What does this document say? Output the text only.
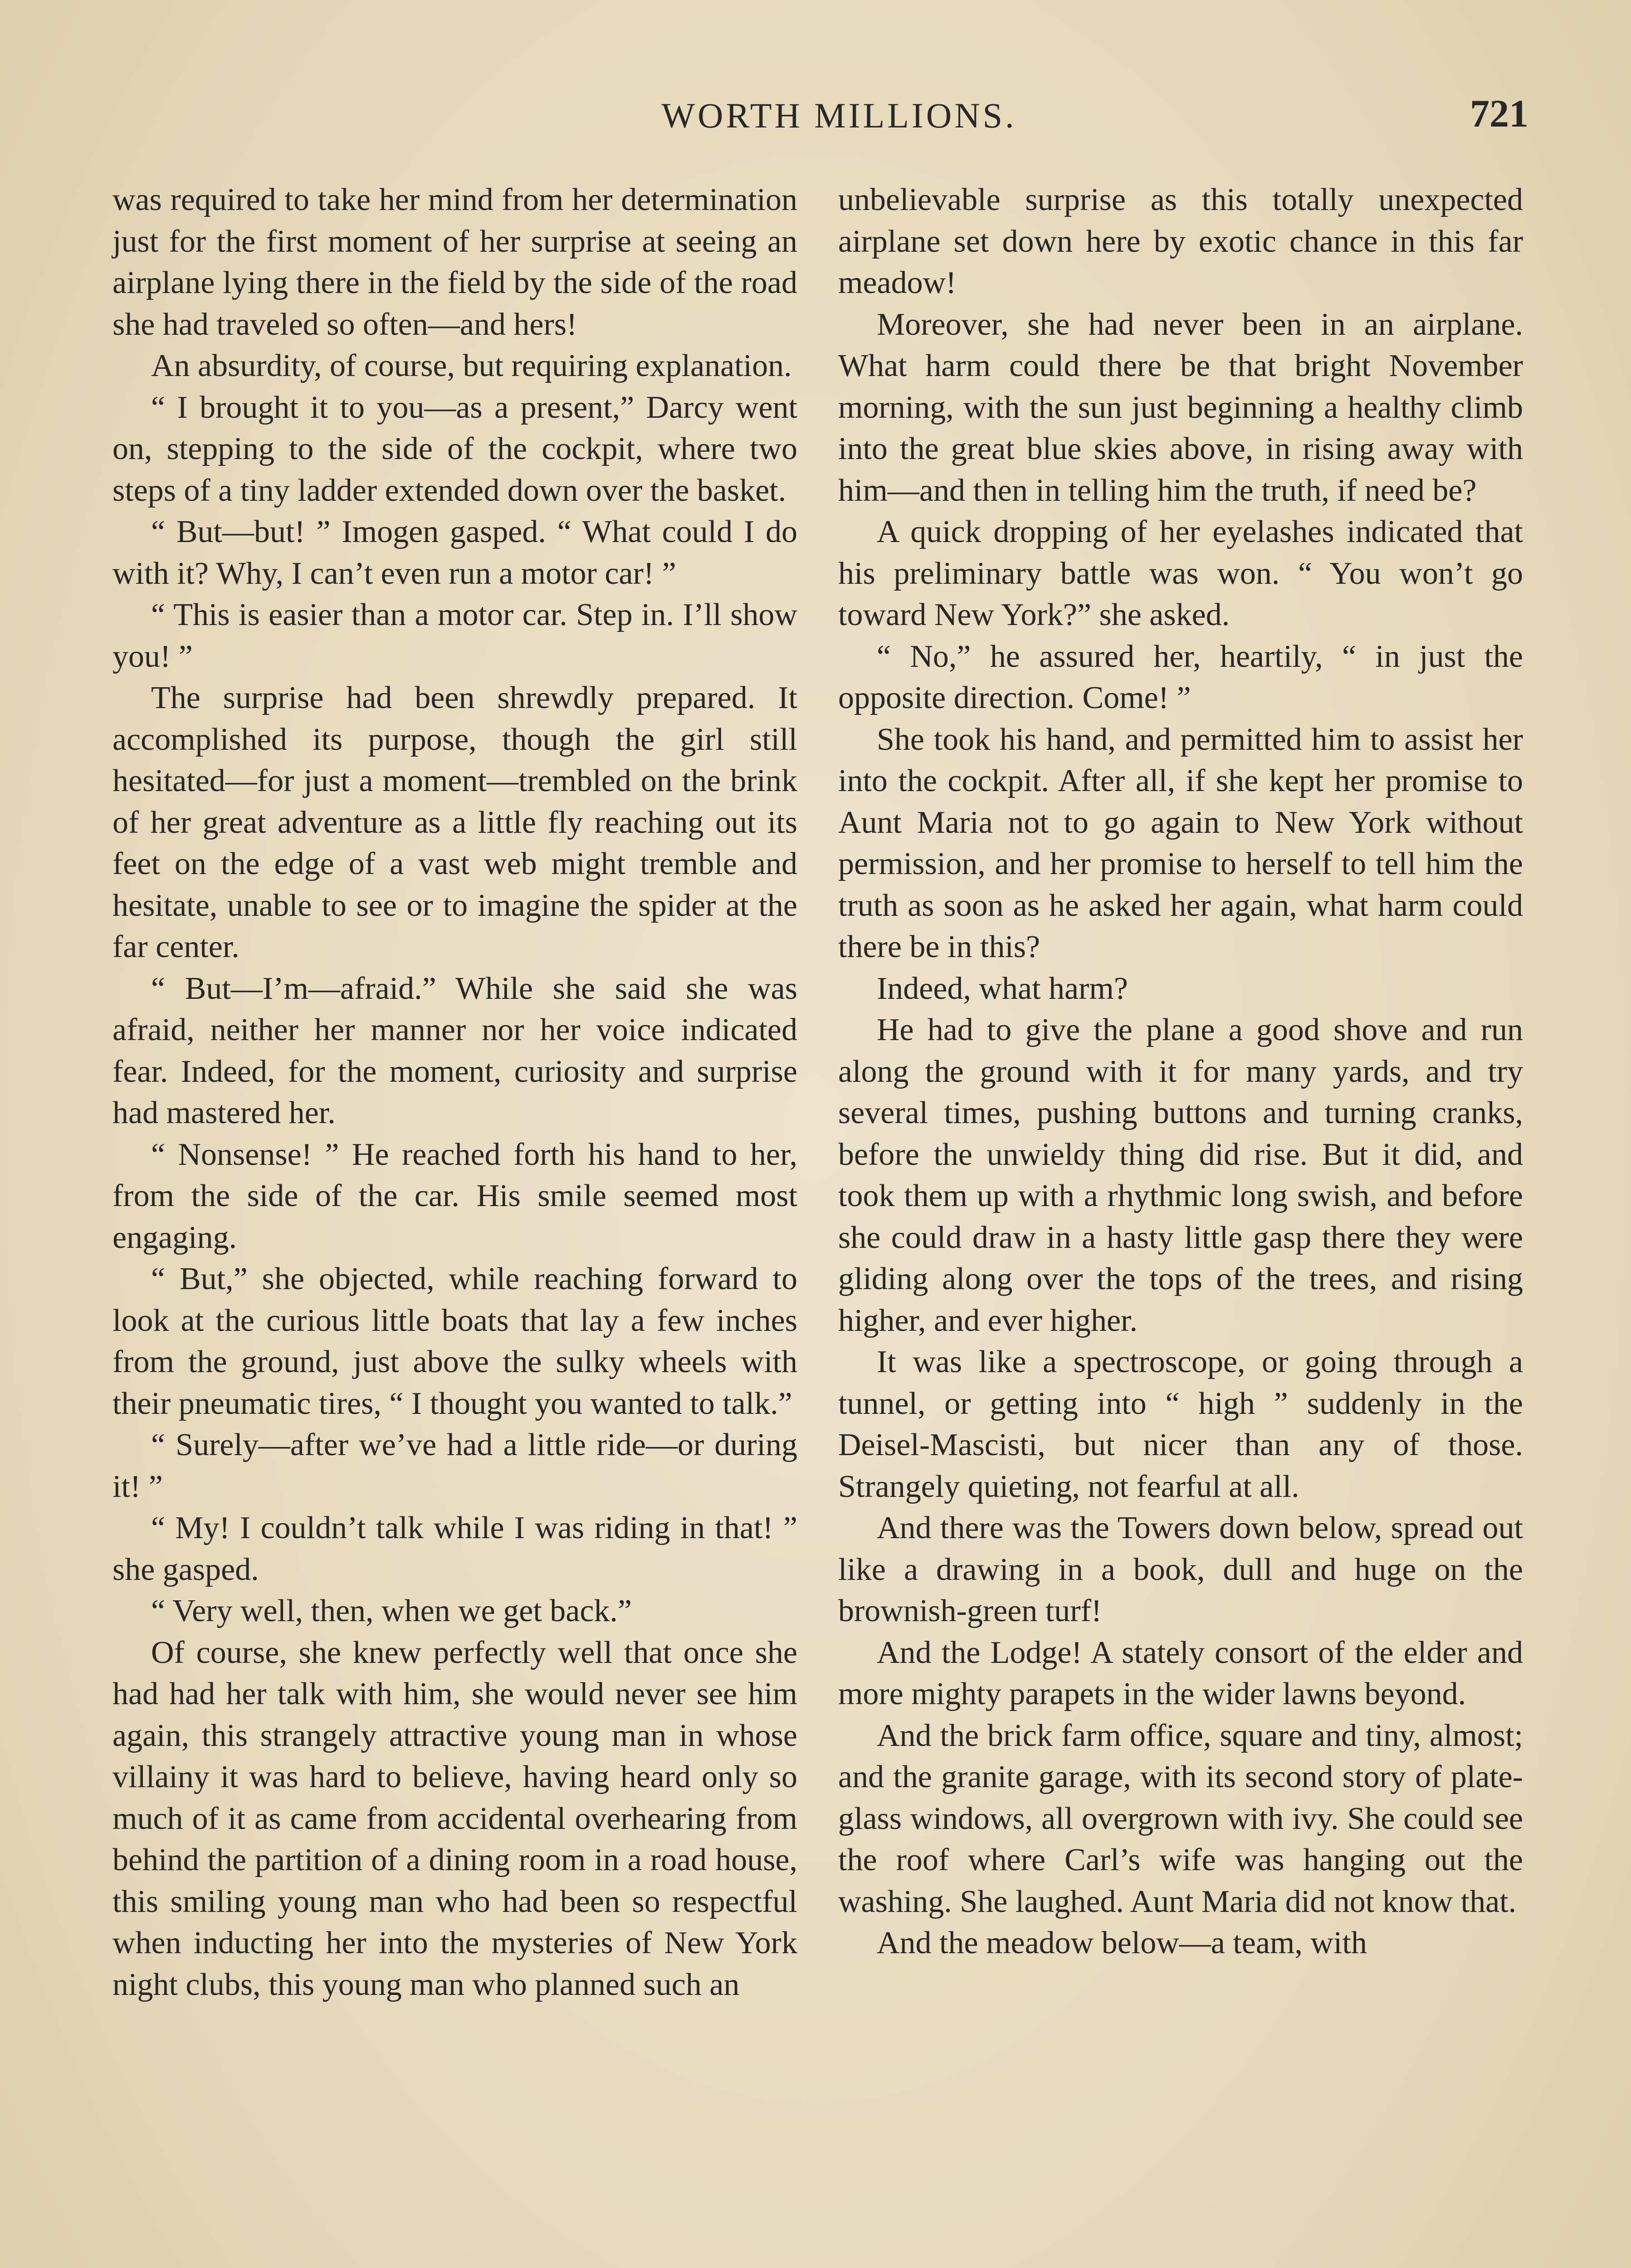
WORTH MILLIONS.	721

was required to take her mind from her determination just for the first moment of her surprise at seeing an airplane lying there in the field by the side of the road she had traveled so often—and hers!

An absurdity, of course, but requiring explanation.

“ I brought it to you—as a present,” Darcy went on, stepping to the side of the cockpit, where two steps of a tiny ladder extended down over the basket.

“ But—but! ” Imogen gasped. “ What could I do with it? Why, I can’t even run a motor car! ”

“ This is easier than a motor car. Step in. I’ll show you! ”

The surprise had been shrewdly prepared. It accomplished its purpose, though the girl still hesitated—for just a moment—trembled on the brink of her great adventure as a little fly reaching out its feet on the edge of a vast web might tremble and hesitate, unable to see or to imagine the spider at the far center.

“ But—I’m—afraid.” While she said she was afraid, neither her manner nor her voice indicated fear. Indeed, for the moment, curiosity and surprise had mastered her.

“ Nonsense! ” He reached forth his hand to her, from the side of the car. His smile seemed most engaging.

“ But,” she objected, while reaching forward to look at the curious little boats that lay a few inches from the ground, just above the sulky wheels with their pneumatic tires, “ I thought you wanted to talk.”

“ Surely—after we’ve had a little ride—or during it! ”

“ My! I couldn’t talk while I was riding in that! ” she gasped.

“ Very well, then, when we get back.”

Of course, she knew perfectly well that once she had had her talk with him, she would never see him again, this strangely attractive young man in whose villainy it was hard to believe, having heard only so much of it as came from accidental overhearing from behind the partition of a dining room in a road house, this smiling young man who had been so respectful when inducting her into the mysteries of New York night clubs, this young man who planned such an

unbelievable surprise as this totally unexpected airplane set down here by exotic chance in this far meadow!

Moreover, she had never been in an airplane. What harm could there be that bright November morning, with the sun just beginning a healthy climb into the great blue skies above, in rising away with him—and then in telling him the truth, if need be?

A quick dropping of her eyelashes indicated that his preliminary battle was won. “ You won’t go toward New York?” she asked.

“ No,” he assured her, heartily, “ in just the opposite direction. Come! ”

She took his hand, and permitted him to assist her into the cockpit. After all, if she kept her promise to Aunt Maria not to go again to New York without permission, and her promise to herself to tell him the truth as soon as he asked her again, what harm could there be in this?

Indeed, what harm?

He had to give the plane a good shove and run along the ground with it for many yards, and try several times, pushing buttons and turning cranks, before the unwieldy thing did rise. But it did, and took them up with a rhythmic long swish, and before she could draw in a hasty little gasp there they were gliding along over the tops of the trees, and rising higher, and ever higher.

It was like a spectroscope, or going through a tunnel, or getting into “ high ” suddenly in the Deisel-Mascisti, but nicer than any of those. Strangely quieting, not fearful at all.

And there was the Towers down below, spread out like a drawing in a book, dull and huge on the brownish-green turf!

And the Lodge! A stately consort of the elder and more mighty parapets in the wider lawns beyond.

And the brick farm office, square and tiny, almost; and the granite garage, with its second story of plate-glass windows, all overgrown with ivy. She could see the roof where Carl’s wife was hanging out the washing. She laughed. Aunt Maria did not know that.

And the meadow below—a team, with
